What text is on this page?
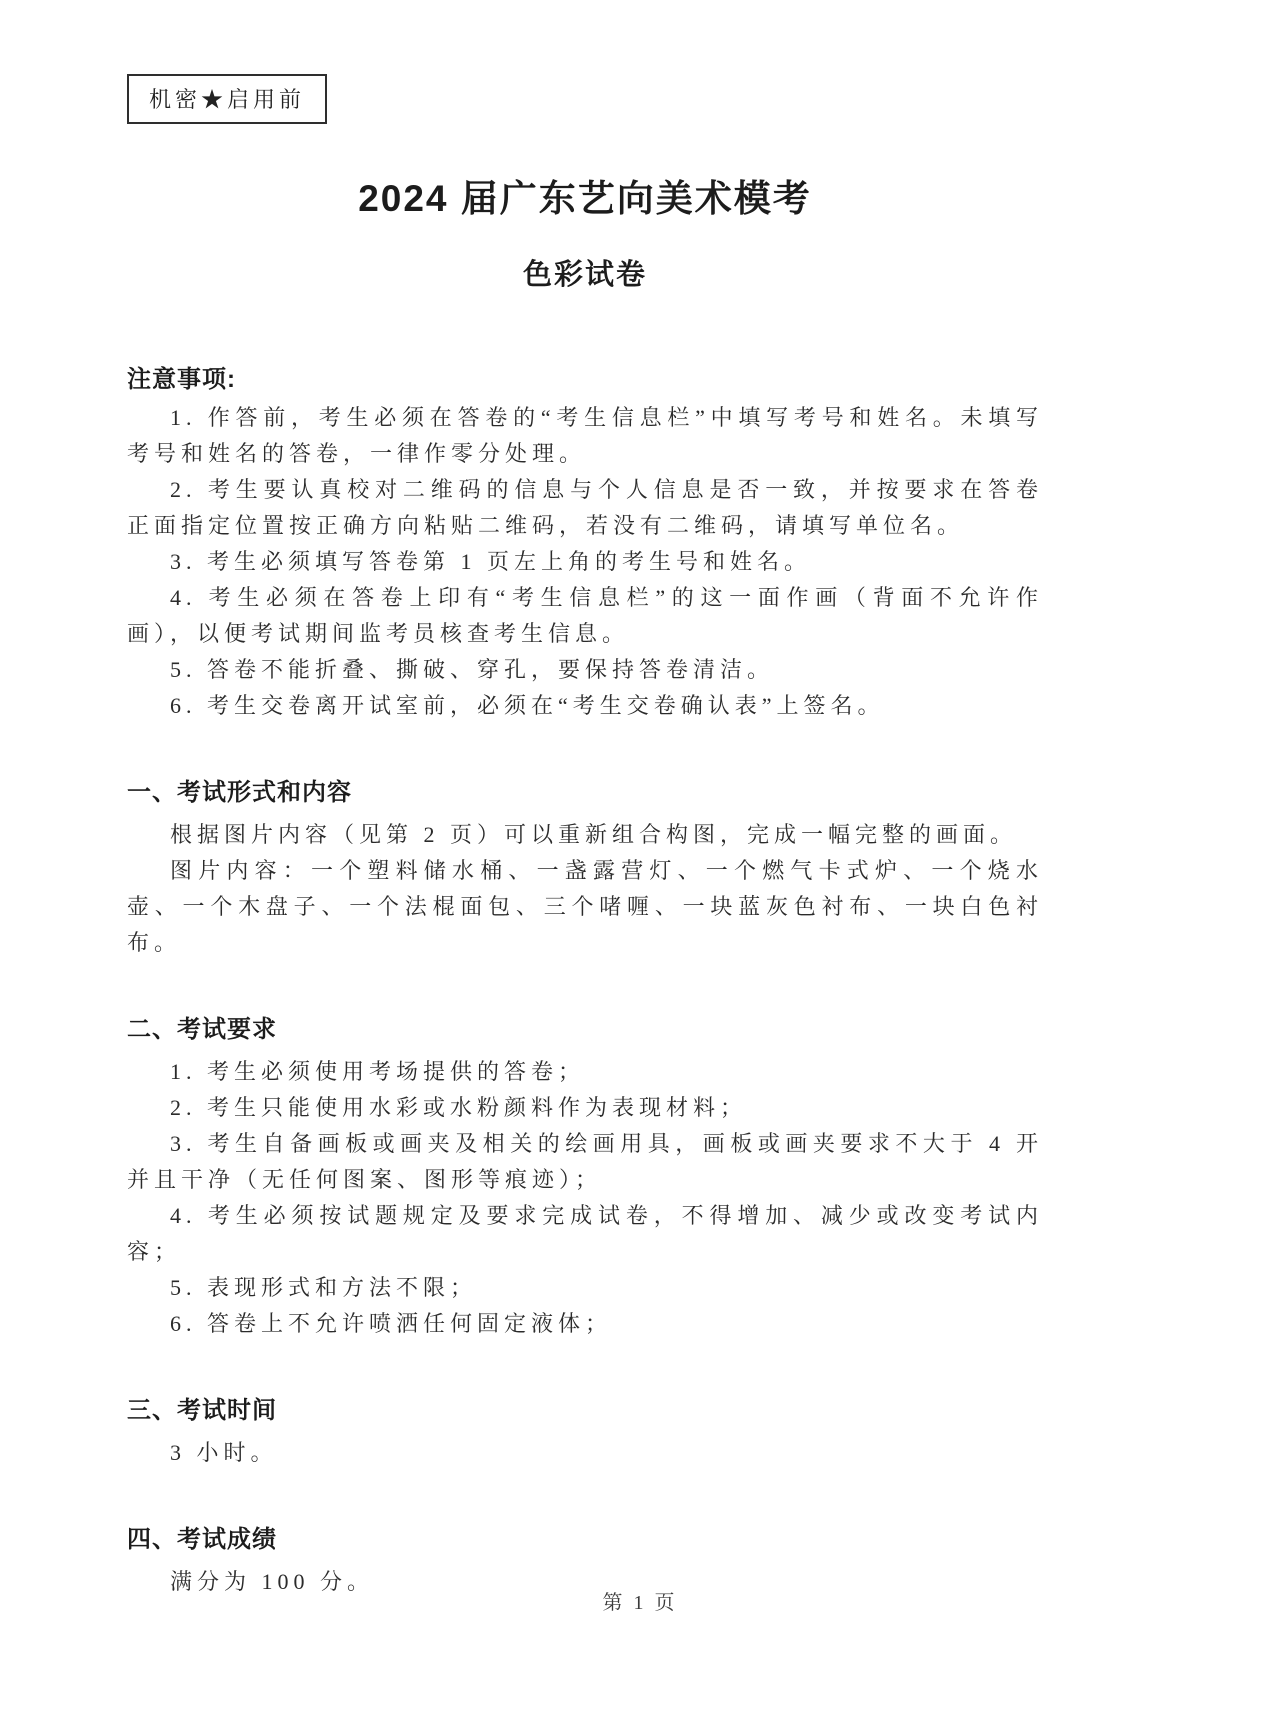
机密★启用前
2024 届广东艺向美术模考
色彩试卷
注意事项:

1. 作答前，考生必须在答卷的“考生信息栏”中填写考号和姓名。未填写考号和姓名的答卷，一律作零分处理。

2. 考生要认真校对二维码的信息与个人信息是否一致，并按要求在答卷正面指定位置按正确方向粘贴二维码，若没有二维码，请填写单位名。

3. 考生必须填写答卷第 1 页左上角的考生号和姓名。

4. 考生必须在答卷上印有“考生信息栏”的这一面作画（背面不允许作画），以便考试期间监考员核查考生信息。

5. 答卷不能折叠、撕破、穿孔，要保持答卷清洁。

6. 考生交卷离开试室前，必须在“考生交卷确认表”上签名。

一、考试形式和内容

根据图片内容（见第 2 页）可以重新组合构图，完成一幅完整的画面。

图片内容：一个塑料储水桶、一盏露营灯、一个燃气卡式炉、一个烧水壶、一个木盘子、一个法棍面包、三个啫喱、一块蓝灰色衬布、一块白色衬布。

二、考试要求

1. 考生必须使用考场提供的答卷；

2. 考生只能使用水彩或水粉颜料作为表现材料；

3. 考生自备画板或画夹及相关的绘画用具，画板或画夹要求不大于 4 开并且干净（无任何图案、图形等痕迹）；

4. 考生必须按试题规定及要求完成试卷，不得增加、减少或改变考试内容；

5. 表现形式和方法不限；

6. 答卷上不允许喷洒任何固定液体；

三、考试时间

3 小时。

四、考试成绩

满分为 100 分。

第 1 页
